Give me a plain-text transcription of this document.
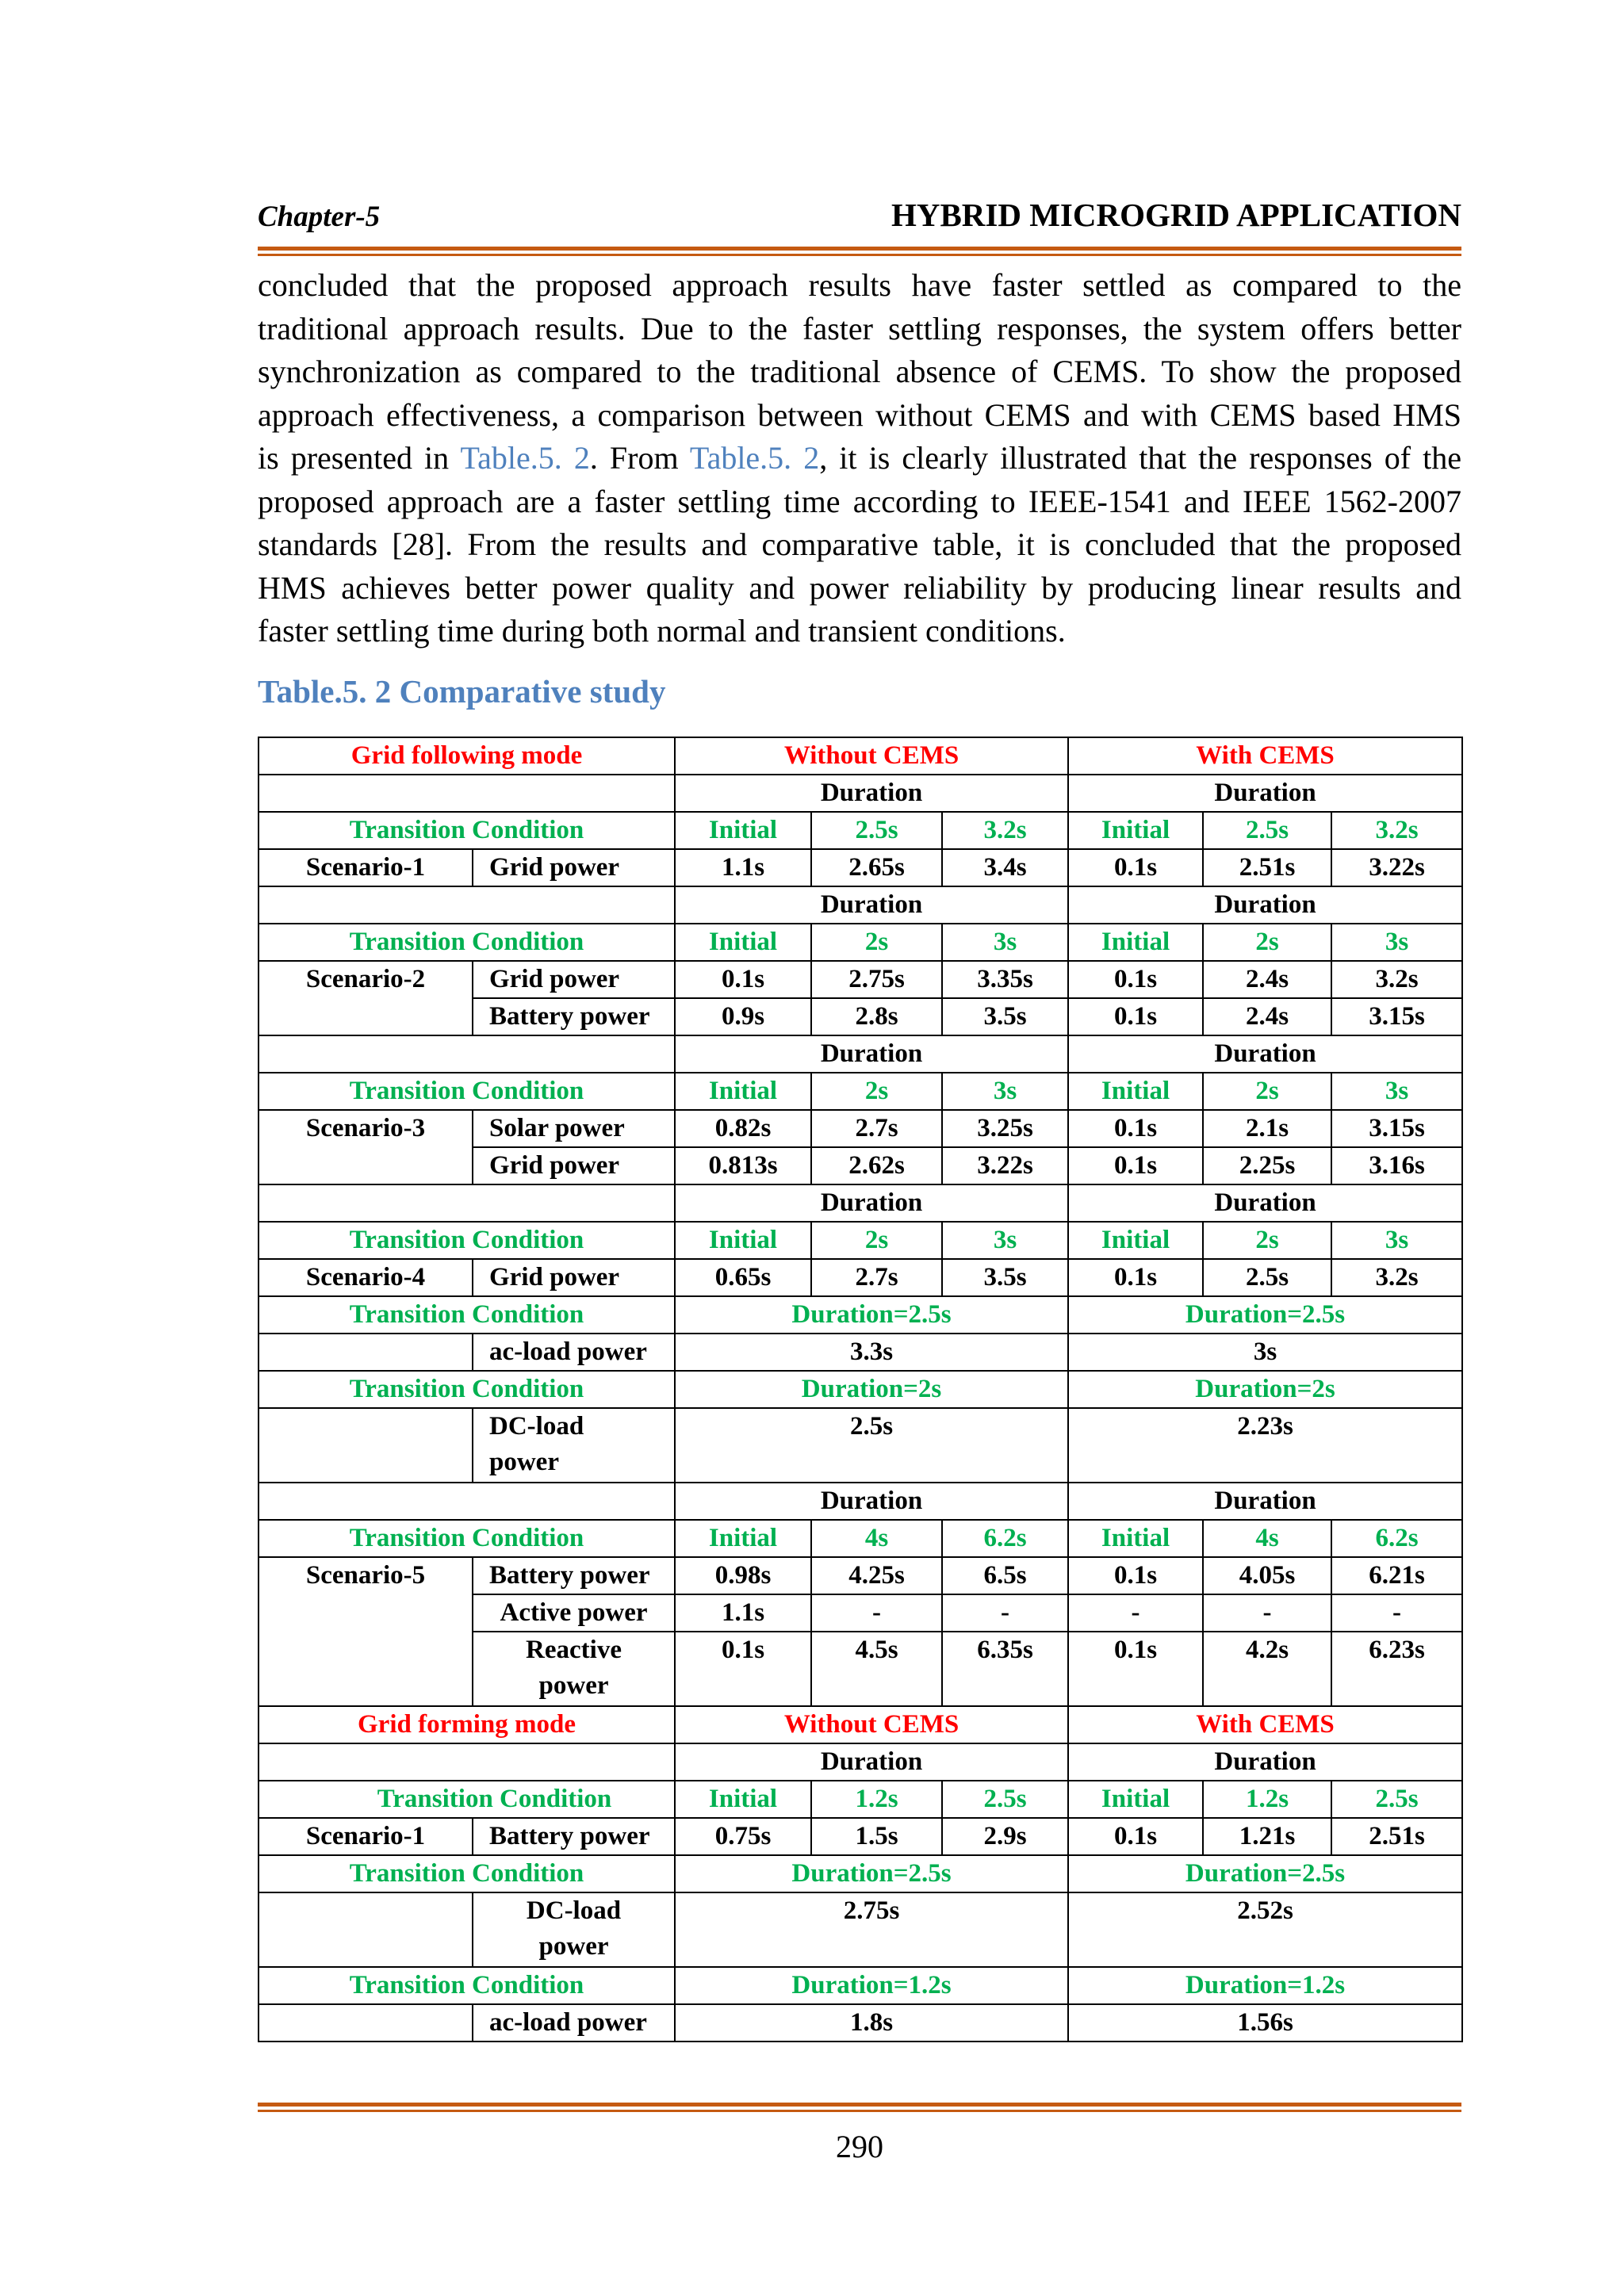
Chapter-5	HYBRID MICROGRID APPLICATION
concluded that the proposed approach results have faster settled as compared to the
traditional approach results. Due to the faster settling responses, the system offers better
synchronization as compared to the traditional absence of CEMS. To show the proposed
approach effectiveness, a comparison between without CEMS and with CEMS based HMS
is presented in Table.5. 2. From Table.5. 2, it is clearly illustrated that the responses of the
proposed approach are a faster settling time according to IEEE-1541 and IEEE 1562-2007
standards [28]. From the results and comparative table, it is concluded that the proposed
HMS achieves better power quality and power reliability by producing linear results and
faster settling time during both normal and transient conditions.
Table.5. 2 Comparative study
Grid following mode		Without CEMS			With CEMS		
		Duration			Duration		
Transition Condition		Initial	2.5s	3.2s	Initial	2.5s	3.2s
Scenario-1	Grid power	1.1s	2.65s	3.4s	0.1s	2.51s	3.22s
		Duration			Duration		
Transition Condition		Initial	2s	3s	Initial	2s	3s
Scenario-2	Grid power	0.1s	2.75s	3.35s	0.1s	2.4s	3.2s
	Battery power	0.9s	2.8s	3.5s	0.1s	2.4s	3.15s
		Duration			Duration		
Transition Condition		Initial	2s	3s	Initial	2s	3s
Scenario-3	Solar power	0.82s	2.7s	3.25s	0.1s	2.1s	3.15s
	Grid power	0.813s	2.62s	3.22s	0.1s	2.25s	3.16s
		Duration			Duration		
Transition Condition		Initial	2s	3s	Initial	2s	3s
Scenario-4	Grid power	0.65s	2.7s	3.5s	0.1s	2.5s	3.2s
Transition Condition		Duration=2.5s			Duration=2.5s		
	ac-load power	3.3s			3s		
Transition Condition		Duration=2s			Duration=2s		

	DC-load
power	2.5s			2.23s		
		Duration			Duration		
Transition Condition		Initial	4s	6.2s	Initial	4s	6.2s
Scenario-5	Battery power	0.98s	4.25s	6.5s	0.1s	4.05s	6.21s
	Active power	1.1s	-	-	-	-	-

	Reactive
power	0.1s	4.5s	6.35s	0.1s	4.2s	6.23s
Grid forming mode		Without CEMS			With CEMS		
		Duration			Duration		
Transition Condition		Initial	1.2s	2.5s	Initial	1.2s	2.5s
Scenario-1	Battery power	0.75s	1.5s	2.9s	0.1s	1.21s	2.51s
Transition Condition		Duration=2.5s			Duration=2.5s		

	DC-load
power	2.75s			2.52s		
Transition Condition		Duration=1.2s			Duration=1.2s		
	ac-load power	1.8s			1.56s		
290
